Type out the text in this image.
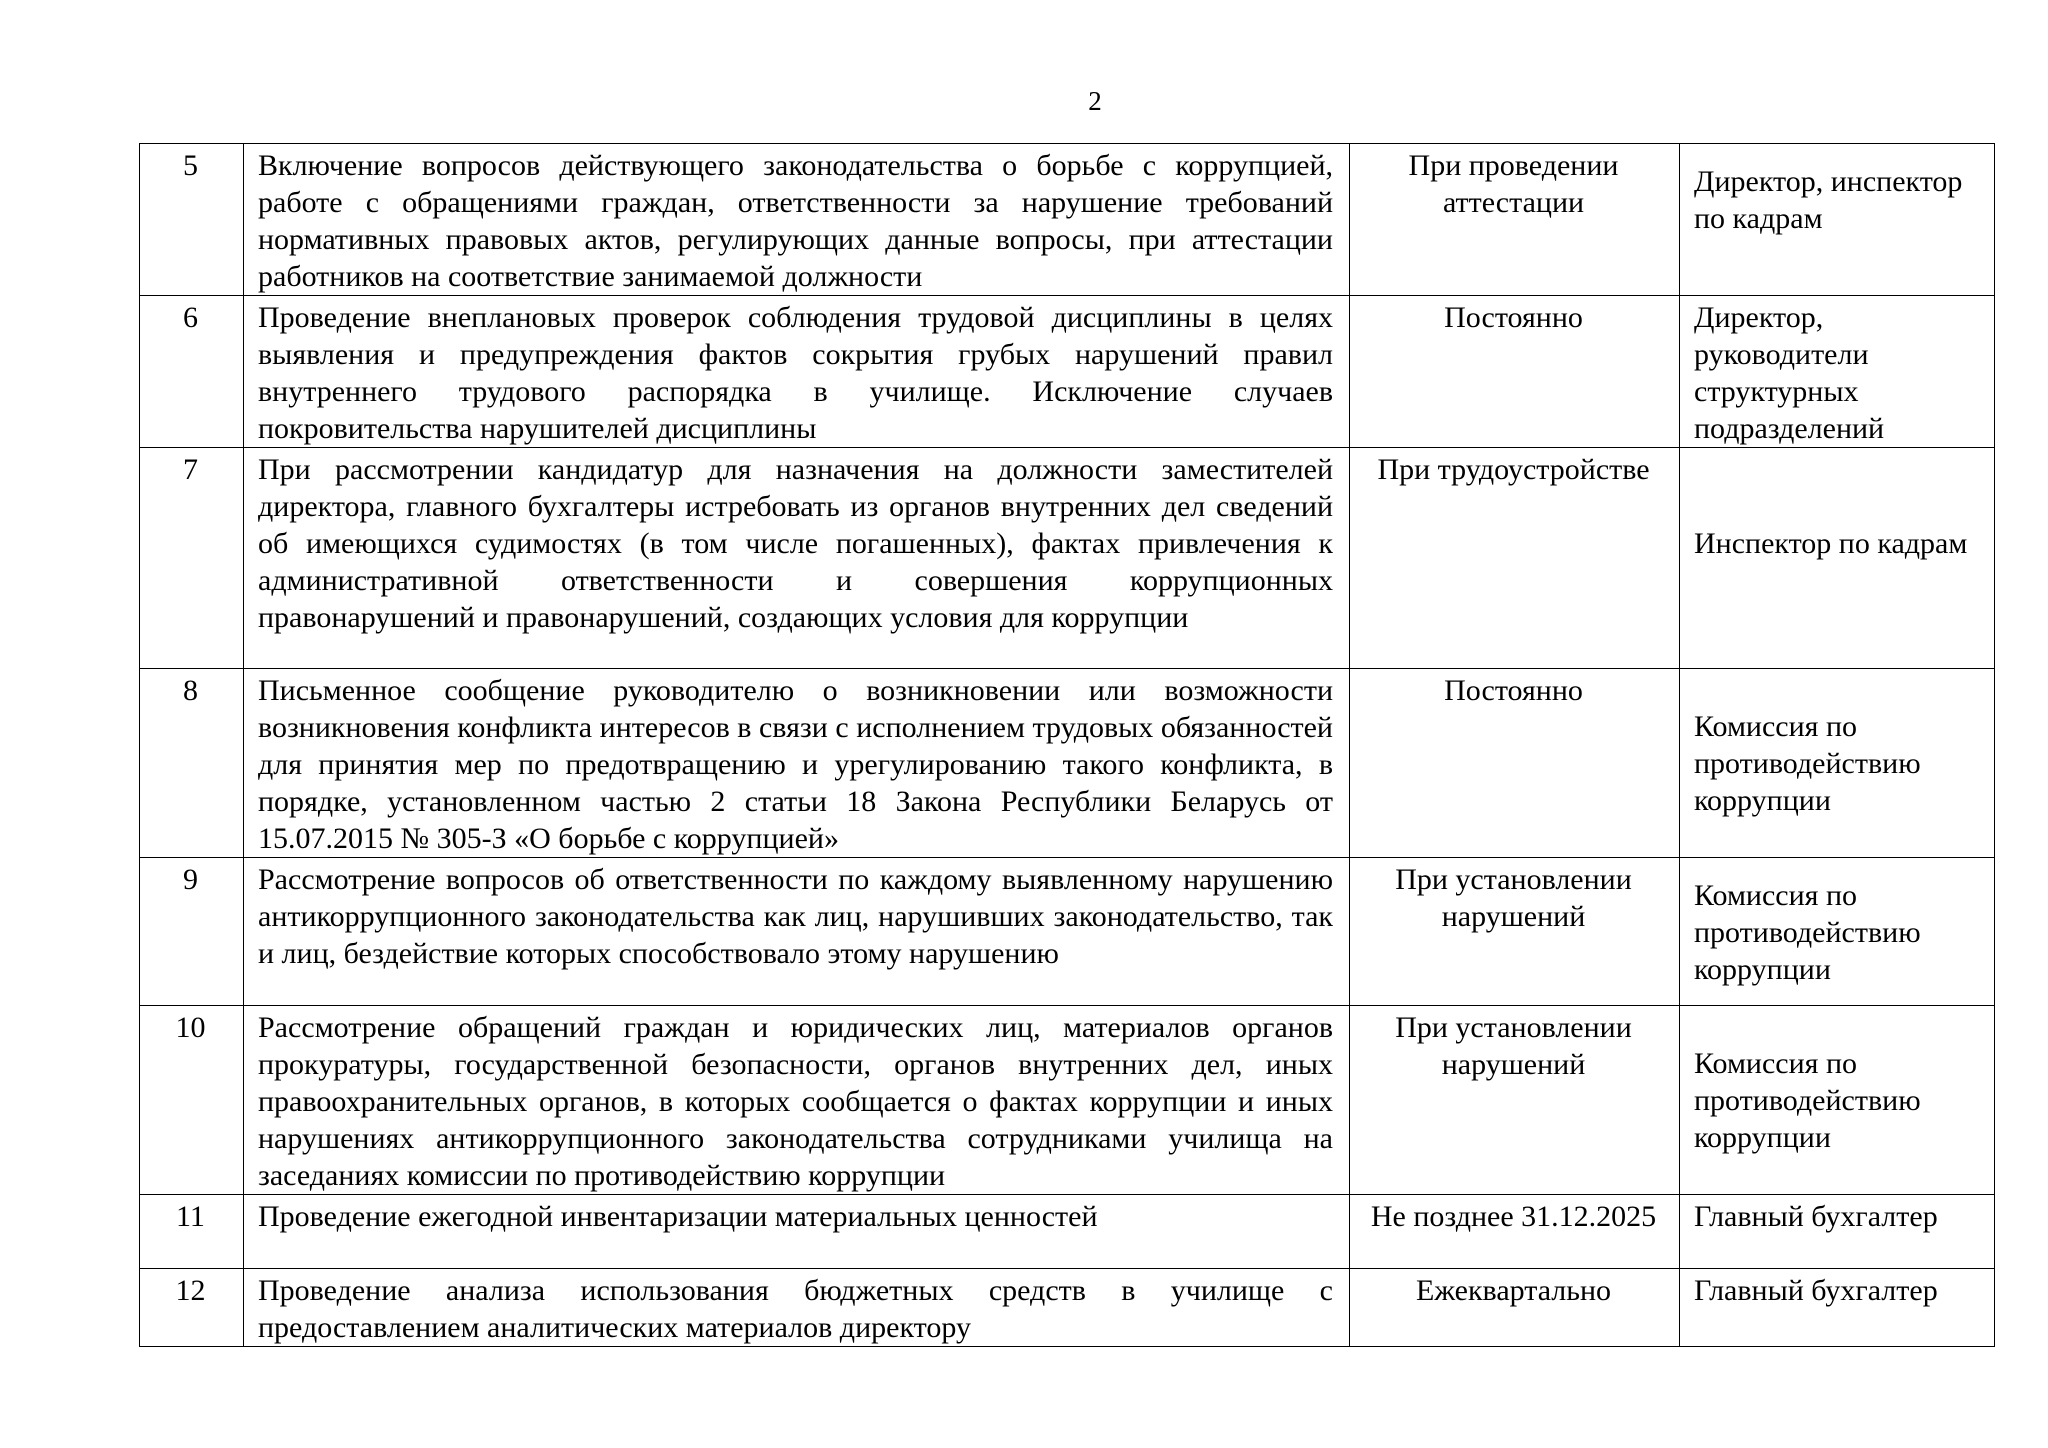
2
5	Включение вопросов действующего законодательства о борьбе с коррупцией, работе с обращениями граждан, ответственности за нарушение требований нормативных правовых актов, регулирующих данные вопросы, при аттестации работников на соответствие занимаемой должности	При проведении аттестации	Директор, инспектор по кадрам

6	Проведение внеплановых проверок соблюдения трудовой дисциплины в целях выявления и предупреждения фактов сокрытия грубых нарушений правил внутреннего трудового распорядка в училище. Исключение случаев покровительства нарушителей дисциплины	Постоянно	Директор, руководители структурных подразделений
7	При рассмотрении кандидатур для назначения на должности заместителей директора, главного бухгалтеры истребовать из органов внутренних дел сведений об имеющихся судимостях (в том числе погашенных), фактах привлечения к административной ответственности и совершения коррупционных правонарушений и правонарушений, создающих условия для коррупции	При трудоустройстве	Инспектор по кадрам

8	Письменное сообщение руководителю о возникновении или возможности возникновения конфликта интересов в связи с исполнением трудовых обязанностей для принятия мер по предотвращению и урегулированию такого конфликта, в порядке, установленном частью 2 статьи 18 Закона Республики Беларусь от 15.07.2015 № 305-З «О борьбе с коррупцией»	Постоянно	Комиссия по противодействию коррупции

9	Рассмотрение вопросов об ответственности по каждому выявленному нарушению антикоррупционного законодательства как лиц, нарушивших законодательство, так и лиц, бездействие которых способствовало этому нарушению	При установлении нарушений	Комиссия по противодействию коррупции

10	Рассмотрение обращений граждан и юридических лиц, материалов органов прокуратуры, государственной безопасности, органов внутренних дел, иных правоохранительных органов, в которых сообщается о фактах коррупции и иных нарушениях антикоррупционного законодательства сотрудниками училища на заседаниях комиссии по противодействию коррупции	При установлении нарушений	Комиссия по противодействию коррупции

11	Проведение ежегодной инвентаризации материальных ценностей	Не позднее 31.12.2025	Главный бухгалтер
12	Проведение анализа использования бюджетных средств в училище с предоставлением аналитических материалов директору	Ежеквартально	Главный бухгалтер
